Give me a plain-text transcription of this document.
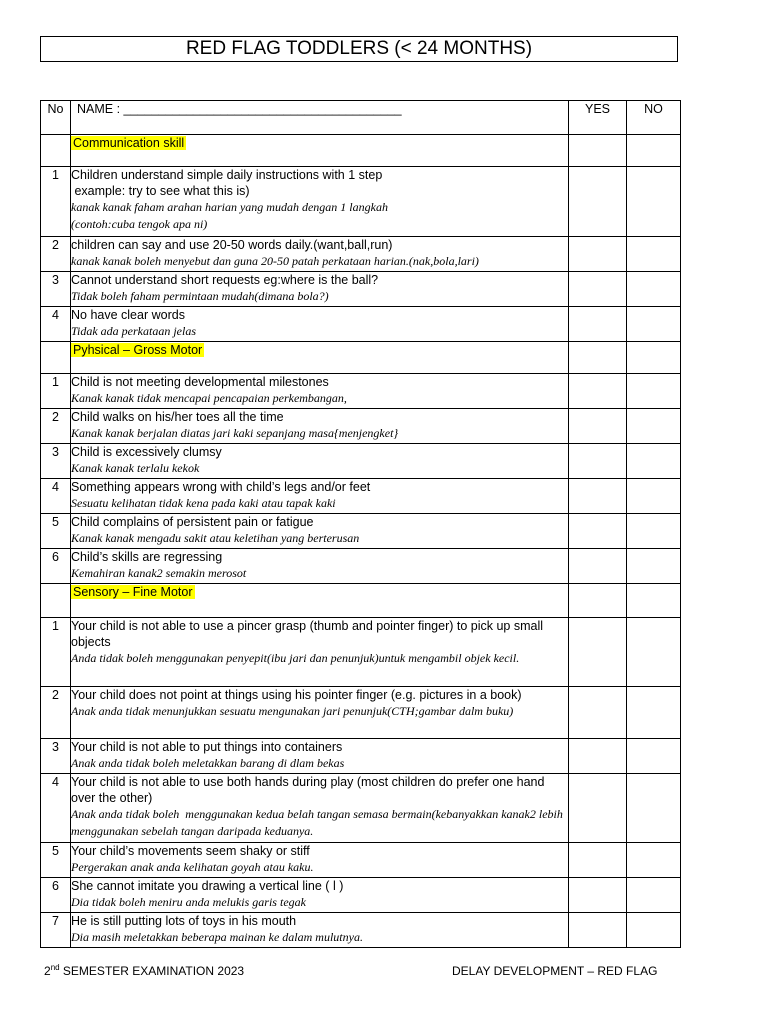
RED FLAG TODDLERS (< 24 MONTHS)
No	NAME : ________________________________________	YES	NO
	Communication skill		
1	Children understand simple daily instructions with 1 step
example: try to see what this is)
kanak kanak faham arahan harian yang mudah dengan 1 langkah
(contoh:cuba tengok apa ni)		

2	children can say and use 20-50 words daily.(want,ball,run)
kanak kanak boleh menyebut dan guna 20-50 patah perkataan harian.(nak,bola,lari)		

3	Cannot understand short requests eg:where is the ball?
Tidak boleh faham permintaan mudah(dimana bola?)		

4	No have clear words
Tidak ada perkataan jelas		

	Pyhsical – Gross Motor		
1	Child is not meeting developmental milestones
Kanak kanak tidak mencapai pencapaian perkembangan,		

2	Child walks on his/her toes all the time
Kanak kanak berjalan diatas jari kaki sepanjang masa{menjengket}		

3	Child is excessively clumsy
Kanak kanak terlalu kekok		

4	Something appears wrong with child’s legs and/or feet
Sesuatu kelihatan tidak kena pada kaki atau tapak kaki		

5	Child complains of persistent pain or fatigue
Kanak kanak mengadu sakit atau keletihan yang berterusan		

6	Child’s skills are regressing
Kemahiran kanak2 semakin merosot		

	Sensory – Fine Motor		
1	Your child is not able to use a pincer grasp (thumb and pointer finger) to pick up small objects
Anda tidak boleh menggunakan penyepit(ibu jari dan penunjuk)untuk mengambil objek kecil.		

2	Your child does not point at things using his pointer finger (e.g. pictures in a book)
Anak anda tidak menunjukkan sesuatu mengunakan jari penunjuk(CTH;gambar dalm buku)		

3	Your child is not able to put things into containers
Anak anda tidak boleh meletakkan barang di dlam bekas		

4	Your child is not able to use both hands during play (most children do prefer one hand over the other)
Anak anda tidak boleh  menggunakan kedua belah tangan semasa bermain(kebanyakkan kanak2 lebih menggunakan sebelah tangan daripada keduanya.		

5	Your child’s movements seem shaky or stiff
Pergerakan anak anda kelihatan goyah atau kaku.		

6	She cannot imitate you drawing a vertical line ( l )
Dia tidak boleh meniru anda melukis garis tegak		

7	He is still putting lots of toys in his mouth
Dia masih meletakkan beberapa mainan ke dalam mulutnya.		

2nd SEMESTER EXAMINATION 2023	DELAY DEVELOPMENT – RED FLAG
